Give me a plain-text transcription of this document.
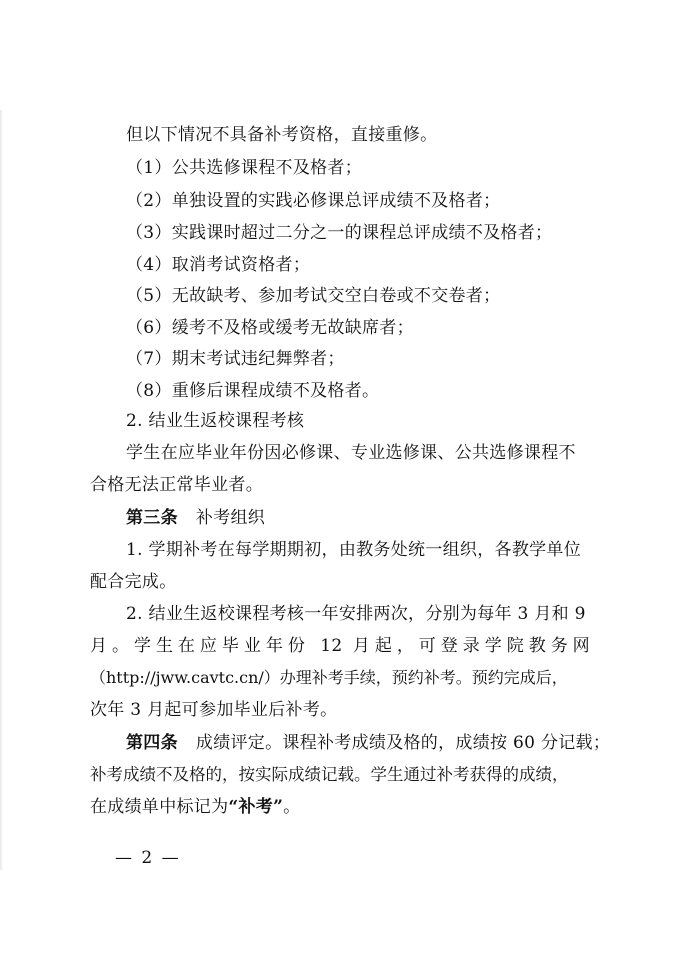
但以下情况不具备补考资格，直接重修。
（1）公共选修课程不及格者；
（2）单独设置的实践必修课总评成绩不及格者；
（3）实践课时超过二分之一的课程总评成绩不及格者；
（4）取消考试资格者；
（5）无故缺考、参加考试交空白卷或不交卷者；
（6）缓考不及格或缓考无故缺席者；
（7）期末考试违纪舞弊者；
（8）重修后课程成绩不及格者。
2. 结业生返校课程考核
学生在应毕业年份因必修课、专业选修课、公共选修课程不
合格无法正常毕业者。
第三条 补考组织
1. 学期补考在每学期期初，由教务处统一组织，各教学单位
配合完成。
2. 结业生返校课程考核一年安排两次，分别为每年 3 月和 9
月。学生在应毕业年份 12 月起，可登录学院教务网
（http://jww.cavtc.cn/）办理补考手续，预约补考。预约完成后，
次年 3 月起可参加毕业后补考。
第四条 成绩评定。课程补考成绩及格的，成绩按 60 分记载；
补考成绩不及格的，按实际成绩记载。学生通过补考获得的成绩，
在成绩单中标记为“补考”。
— 2 —
